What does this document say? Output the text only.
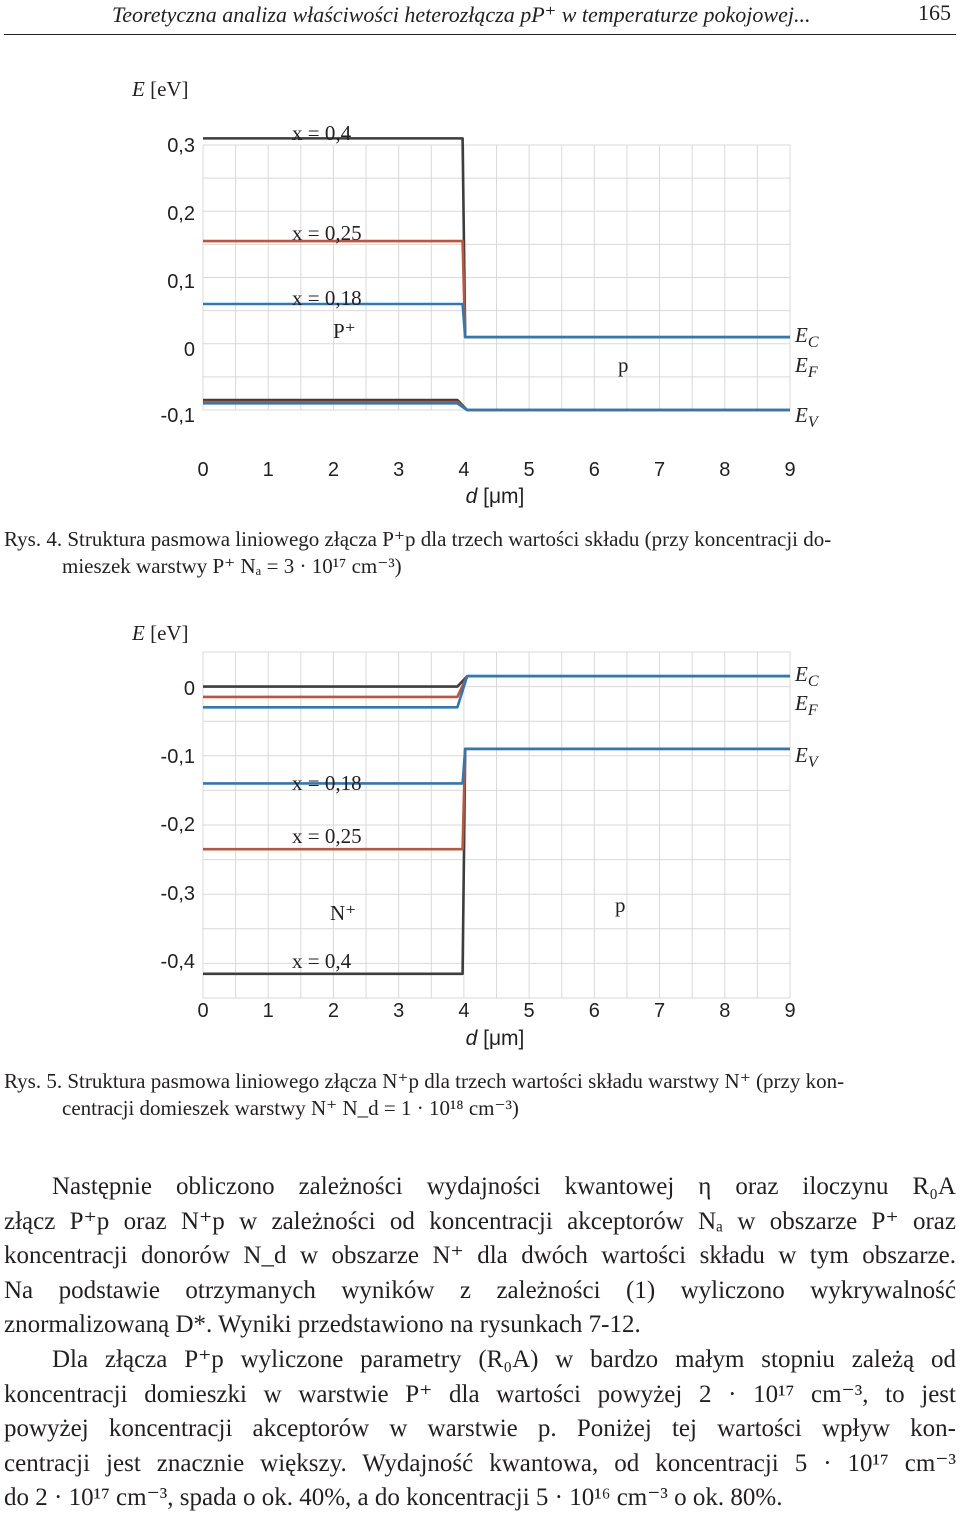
Teoretyczna analiza właściwości heterozłącza pP⁺ w temperaturze pokojowej...	165
0,3
0,2
0,1
0
-0,1
0	1	2	3	4	5	6	7	8	9
E [eV]
d [μm]
x = 0,4
x = 0,25
x = 0,18
P⁺
p
$E_C$
$E_F$
$E_V$
Rys. 4. Struktura pasmowa liniowego złącza P⁺p dla trzech wartości składu (przy koncentracji do-
mieszek warstwy P⁺ Nₐ = 3 · 10¹⁷ cm⁻³)
0
-0,1
-0,2
-0,3
-0,4
0	1	2	3	4	5	6	7	8	9
E [eV]
d [μm]
x = 0,4
x = 0,25
x = 0,18
N⁺	p
$E_C$
$E_F$
$E_V$
Rys. 5. Struktura pasmowa liniowego złącza N⁺p dla trzech wartości składu warstwy N⁺ (przy kon-
centracji domieszek warstwy N⁺ N_d = 1 · 10¹⁸ cm⁻³)
Następnie obliczono zależności wydajności kwantowej η oraz iloczynu R₀A
złącz P⁺p oraz N⁺p w zależności od koncentracji akceptorów Nₐ w obszarze P⁺ oraz
koncentracji donorów N_d w obszarze N⁺ dla dwóch wartości składu w tym obszarze.
Na podstawie otrzymanych wyników z zależności (1) wyliczono wykrywalność
znormalizowaną D*. Wyniki przedstawiono na rysunkach 7-12.
Dla złącza P⁺p wyliczone parametry (R₀A) w bardzo małym stopniu zależą od
koncentracji domieszki w warstwie P⁺ dla wartości powyżej 2 · 10¹⁷ cm⁻³, to jest
powyżej koncentracji akceptorów w warstwie p. Poniżej tej wartości wpływ kon-
centracji jest znacznie większy. Wydajność kwantowa, od koncentracji 5 · 10¹⁷ cm⁻³
do 2 · 10¹⁷ cm⁻³, spada o ok. 40%, a do koncentracji 5 · 10¹⁶ cm⁻³ o ok. 80%.
